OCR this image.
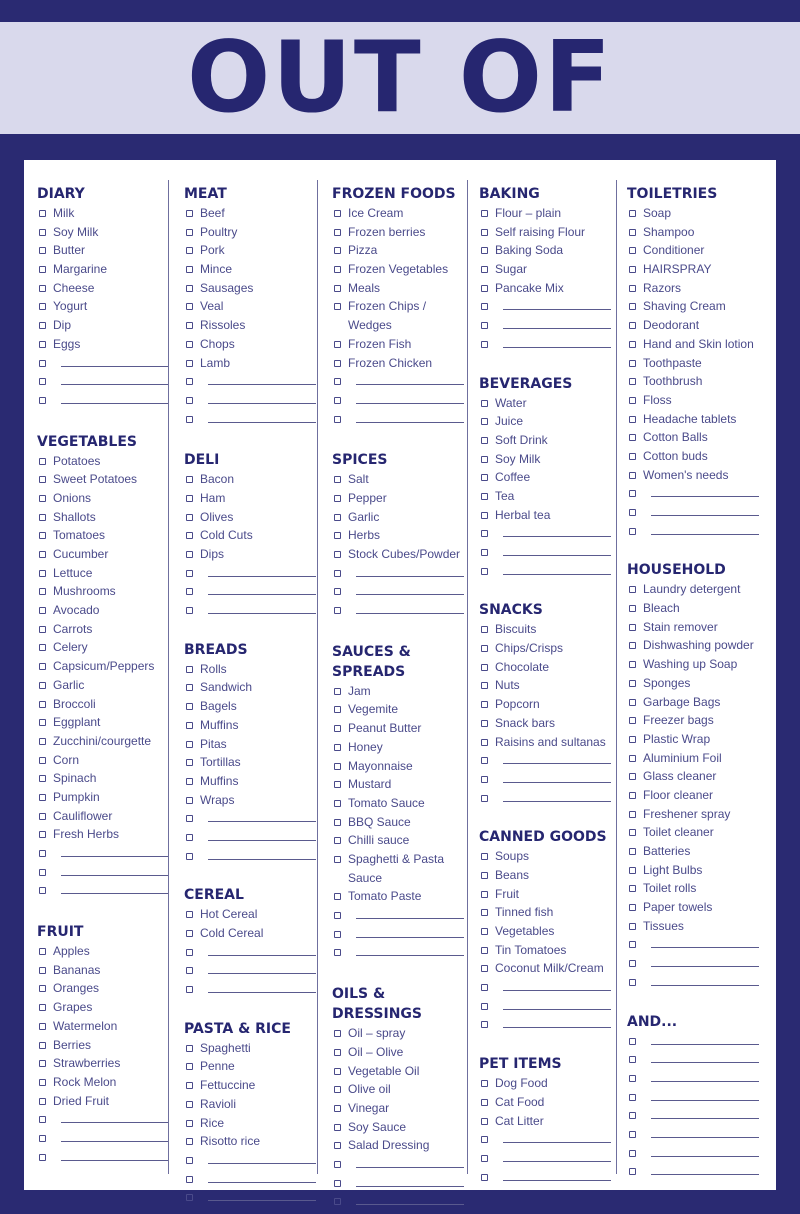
OUT OF
DIARY
Milk
Soy Milk
Butter
Margarine
Cheese
Yogurt
Dip
Eggs
VEGETABLES
Potatoes
Sweet Potatoes
Onions
Shallots
Tomatoes
Cucumber
Lettuce
Mushrooms
Avocado
Carrots
Celery
Capsicum/Peppers
Garlic
Broccoli
Eggplant
Zucchini/courgette
Corn
Spinach
Pumpkin
Cauliflower
Fresh Herbs
FRUIT
Apples
Bananas
Oranges
Grapes
Watermelon
Berries
Strawberries
Rock Melon
Dried Fruit
MEAT
Beef
Poultry
Pork
Mince
Sausages
Veal
Rissoles
Chops
Lamb
DELI
Bacon
Ham
Olives
Cold Cuts
Dips
BREADS
Rolls
Sandwich
Bagels
Muffins
Pitas
Tortillas
Muffins
Wraps
CEREAL
Hot Cereal
Cold Cereal
PASTA & RICE
Spaghetti
Penne
Fettuccine
Ravioli
Rice
Risotto rice
FROZEN FOODS
Ice Cream
Frozen berries
Pizza
Frozen Vegetables
Meals
Frozen Chips / Wedges
Frozen Fish
Frozen Chicken
SPICES
Salt
Pepper
Garlic
Herbs
Stock Cubes/Powder
SAUCES & SPREADS
Jam
Vegemite
Peanut Butter
Honey
Mayonnaise
Mustard
Tomato Sauce
BBQ Sauce
Chilli sauce
Spaghetti & Pasta Sauce
Tomato Paste
OILS & DRESSINGS
Oil – spray
Oil – Olive
Vegetable Oil
Olive oil
Vinegar
Soy Sauce
Salad Dressing
BAKING
Flour – plain
Self raising Flour
Baking Soda
Sugar
Pancake Mix
BEVERAGES
Water
Juice
Soft Drink
Soy Milk
Coffee
Tea
Herbal tea
SNACKS
Biscuits
Chips/Crisps
Chocolate
Nuts
Popcorn
Snack bars
Raisins and sultanas
CANNED GOODS
Soups
Beans
Fruit
Tinned fish
Vegetables
Tin Tomatoes
Coconut Milk/Cream
PET ITEMS
Dog Food
Cat Food
Cat Litter
TOILETRIES
Soap
Shampoo
Conditioner
HAIRSPRAY
Razors
Shaving Cream
Deodorant
Hand and Skin lotion
Toothpaste
Toothbrush
Floss
Headache tablets
Cotton Balls
Cotton buds
Women's needs
HOUSEHOLD
Laundry detergent
Bleach
Stain remover
Dishwashing powder
Washing up Soap
Sponges
Garbage Bags
Freezer bags
Plastic Wrap
Aluminium Foil
Glass cleaner
Floor cleaner
Freshener spray
Toilet cleaner
Batteries
Light Bulbs
Toilet rolls
Paper towels
Tissues
AND...
